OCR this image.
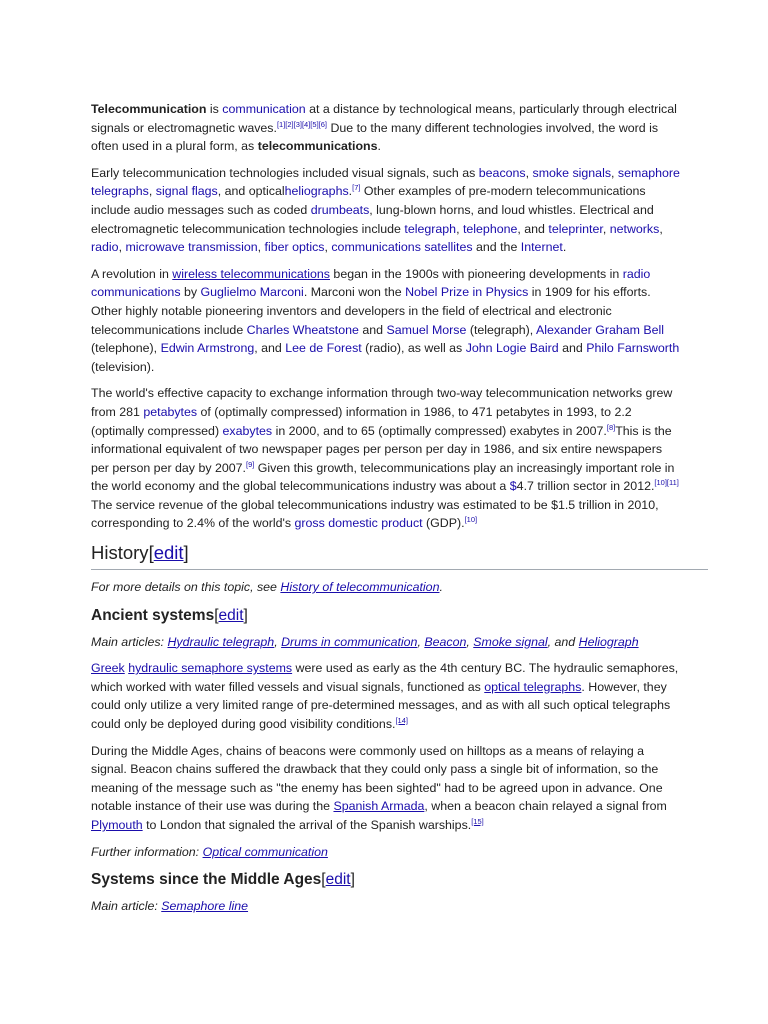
Telecommunication is communication at a distance by technological means, particularly through electrical signals or electromagnetic waves.[1][2][3][4][5][6] Due to the many different technologies involved, the word is often used in a plural form, as telecommunications.

Early telecommunication technologies included visual signals, such as beacons, smoke signals, semaphore telegraphs, signal flags, and opticalheliographs.[7] Other examples of pre-modern telecommunications include audio messages such as coded drumbeats, lung-blown horns, and loud whistles. Electrical and electromagnetic telecommunication technologies include telegraph, telephone, and teleprinter, networks, radio, microwave transmission, fiber optics, communications satellites and the Internet.

A revolution in wireless telecommunications began in the 1900s with pioneering developments in radio communications by Guglielmo Marconi. Marconi won the Nobel Prize in Physics in 1909 for his efforts. Other highly notable pioneering inventors and developers in the field of electrical and electronic telecommunications include Charles Wheatstone and Samuel Morse (telegraph), Alexander Graham Bell (telephone), Edwin Armstrong, and Lee de Forest (radio), as well as John Logie Baird and Philo Farnsworth (television).

The world's effective capacity to exchange information through two-way telecommunication networks grew from 281 petabytes of (optimally compressed) information in 1986, to 471 petabytes in 1993, to 2.2 (optimally compressed) exabytes in 2000, and to 65 (optimally compressed) exabytes in 2007.[8]This is the informational equivalent of two newspaper pages per person per day in 1986, and six entire newspapers per person per day by 2007.[9] Given this growth, telecommunications play an increasingly important role in the world economy and the global telecommunications industry was about a $4.7 trillion sector in 2012.[10][11] The service revenue of the global telecommunications industry was estimated to be $1.5 trillion in 2010, corresponding to 2.4% of the world's gross domestic product (GDP).[10]

History[edit]
For more details on this topic, see History of telecommunication.
Ancient systems[edit]
Main articles: Hydraulic telegraph, Drums in communication, Beacon, Smoke signal, and Heliograph

Greek hydraulic semaphore systems were used as early as the 4th century BC. The hydraulic semaphores, which worked with water filled vessels and visual signals, functioned as optical telegraphs. However, they could only utilize a very limited range of pre-determined messages, and as with all such optical telegraphs could only be deployed during good visibility conditions.[14]

During the Middle Ages, chains of beacons were commonly used on hilltops as a means of relaying a signal. Beacon chains suffered the drawback that they could only pass a single bit of information, so the meaning of the message such as "the enemy has been sighted" had to be agreed upon in advance. One notable instance of their use was during the Spanish Armada, when a beacon chain relayed a signal from Plymouth to London that signaled the arrival of the Spanish warships.[15]

Further information: Optical communication
Systems since the Middle Ages[edit]
Main article: Semaphore line
